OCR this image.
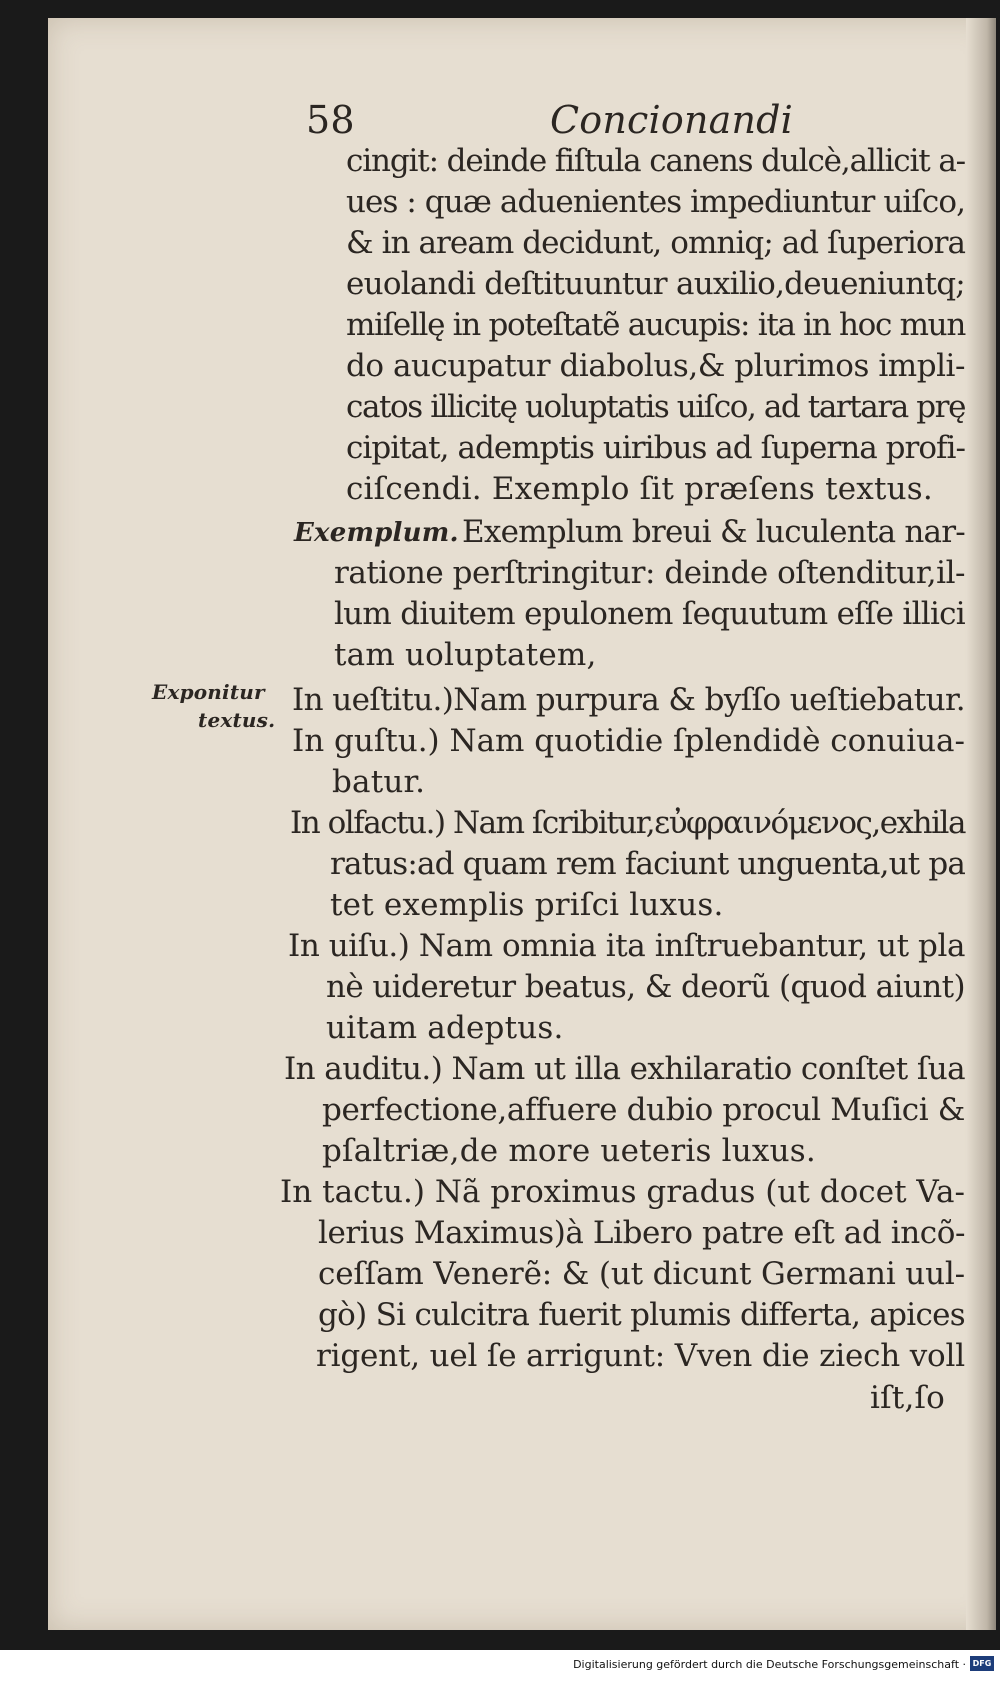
58	Concionandi
cingit: deinde fiſtula canens dulcè,allicit a-
ues : quæ aduenientes impediuntur uiſco,
& in aream decidunt, omniq; ad ſuperiora
euolandi deſtituuntur auxilio,deueniuntq;
miſellę in poteſtatẽ aucupis: ita in hoc mun
do aucupatur diabolus,& plurimos impli-
catos illicitę uoluptatis uiſco, ad tartara prę
cipitat, ademptis uiribus ad ſuperna profi-
ciſcendi. Exemplo ſit præſens textus.
Exemplum. Exemplum breui & luculenta nar-
ratione perſtringitur: deinde oſtenditur,il-
lum diuitem epulonem ſequutum eſſe illici
tam uoluptatem,
Exponitur
textus.
In ueſtitu.)Nam purpura & byſſo ueſtiebatur.
In guſtu.) Nam quotidie ſplendidè conuiua-
batur.
In olfactu.) Nam ſcribitur,εὐφραινόμενος,exhila
ratus:ad quam rem faciunt unguenta,ut pa
tet exemplis priſci luxus.
In uiſu.) Nam omnia ita inſtruebantur, ut pla
nè uideretur beatus, & deorũ (quod aiunt)
uitam adeptus.
In auditu.) Nam ut illa exhilaratio conſtet ſua
perfectione,affuere dubio procul Muſici &
pſaltriæ,de more ueteris luxus.
In tactu.) Nã proximus gradus (ut docet Va-
lerius Maximus)à Libero patre eſt ad incõ-
ceſſam Venerẽ: & (ut dicunt Germani uul-
gò) Si culcitra fuerit plumis differta, apices
rigent, uel ſe arrigunt: Vven die ziech voll
iſt,ſo
Digitalisierung gefördert durch die Deutsche Forschungsgemeinschaft · DFG
